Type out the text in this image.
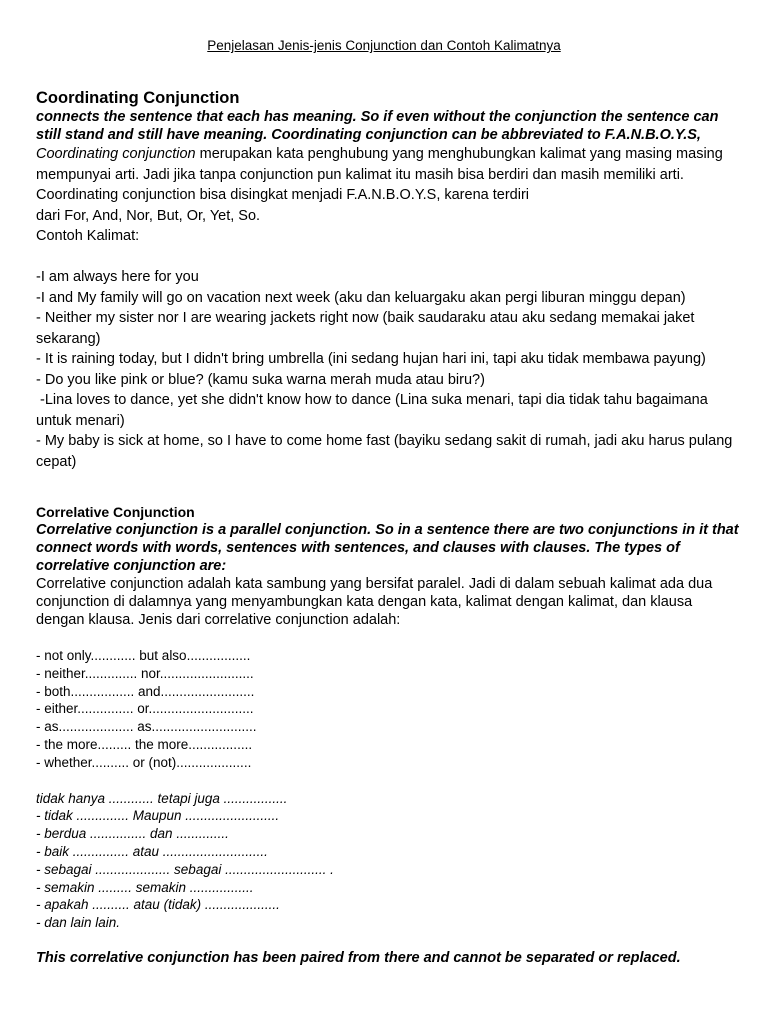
Penjelasan Jenis-jenis Conjunction dan Contoh Kalimatnya
Coordinating Conjunction
connects the sentence that each has meaning. So if even without the conjunction the sentence can still stand and still have meaning. Coordinating conjunction can be abbreviated to F.A.N.B.O.Y.S,
Coordinating conjunction merupakan kata penghubung yang menghubungkan kalimat yang masing masing mempunyai arti. Jadi jika tanpa conjunction pun kalimat itu masih bisa berdiri dan masih memiliki arti. Coordinating conjunction bisa disingkat menjadi F.A.N.B.O.Y.S, karena terdiri
dari For, And, Nor, But, Or, Yet, So.
Contoh Kalimat:
-I am always here for you
-I and My family will go on vacation next week (aku dan keluargaku akan pergi liburan minggu depan)
- Neither my sister nor I are wearing jackets right now (baik saudaraku atau aku sedang memakai jaket sekarang)
- It is raining today, but I didn't bring umbrella (ini sedang hujan hari ini, tapi aku tidak membawa payung)
- Do you like pink or blue? (kamu suka warna merah muda atau biru?)
-Lina loves to dance, yet she didn't know how to dance (Lina suka menari, tapi dia tidak tahu bagaimana untuk menari)
- My baby is sick at home, so I have to come home fast (bayiku sedang sakit di rumah, jadi aku harus pulang cepat)
Correlative Conjunction
Correlative conjunction is a parallel conjunction. So in a sentence there are two conjunctions in it that connect words with words, sentences with sentences, and clauses with clauses. The types of correlative conjunction are:
Correlative conjunction adalah kata sambung yang bersifat paralel. Jadi di dalam sebuah kalimat ada dua conjunction di dalamnya yang menyambungkan kata dengan kata, kalimat dengan kalimat, dan klausa dengan klausa. Jenis dari correlative conjunction adalah:
- not only............ but also.................
- neither.............. nor.........................
- both................. and.........................
- either............... or............................
- as.................... as............................
- the more......... the more.................
- whether.......... or (not)....................
tidak hanya ............ tetapi juga .................
- tidak .............. Maupun .........................
- berdua ............... dan ..............
- baik ............... atau ............................
- sebagai .................... sebagai ........................... .
- semakin ......... semakin .................
- apakah .......... atau (tidak) ....................
- dan lain lain.
This correlative conjunction has been paired from there and cannot be separated or replaced.
